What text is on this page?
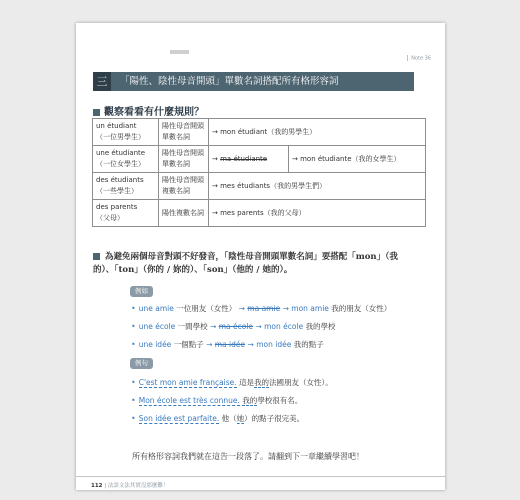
Note 36
三	「陽性、陰性母音開頭」單數名詞搭配所有格形容詞
觀察看看有什麼規則？
un étudiant
（一位男學生）	陽性母音開頭單數名詞	→ mon étudiant（我的男學生）	
une étudiante
（一位女學生）	陽性母音開頭單數名詞	→ ma étudiante	→ mon étudiante（我的女學生）
des étudiants
（一些學生）	陽性母音開頭複數名詞	→ mes étudiants（我的男學生們）	
des parents
（父母）	陽性複數名詞	→ mes parents（我的父母）	
為避免兩個母音對頭不好發音，「陰性母音開頭單數名詞」要搭配「mon」（我的）、「ton」（你的 / 妳的）、「son」（他的 / 她的）。
例如
• une amie 一位朋友（女性） → ma amie → mon amie 我的朋友（女性）
• une école 一間學校 → ma école → mon école 我的學校
• une idée 一個點子 → ma idée → mon idée 我的點子
例句
• C'est mon amie française. 這是我的法國朋友（女性）。
• Mon école est très connue. 我的學校很有名。
• Son idée est parfaite. 他（她）的點子很完美。
所有格形容詞我們就在這告一段落了。請翻到下一章繼續學習吧！
112 | 法語文法其實沒那麼難！
